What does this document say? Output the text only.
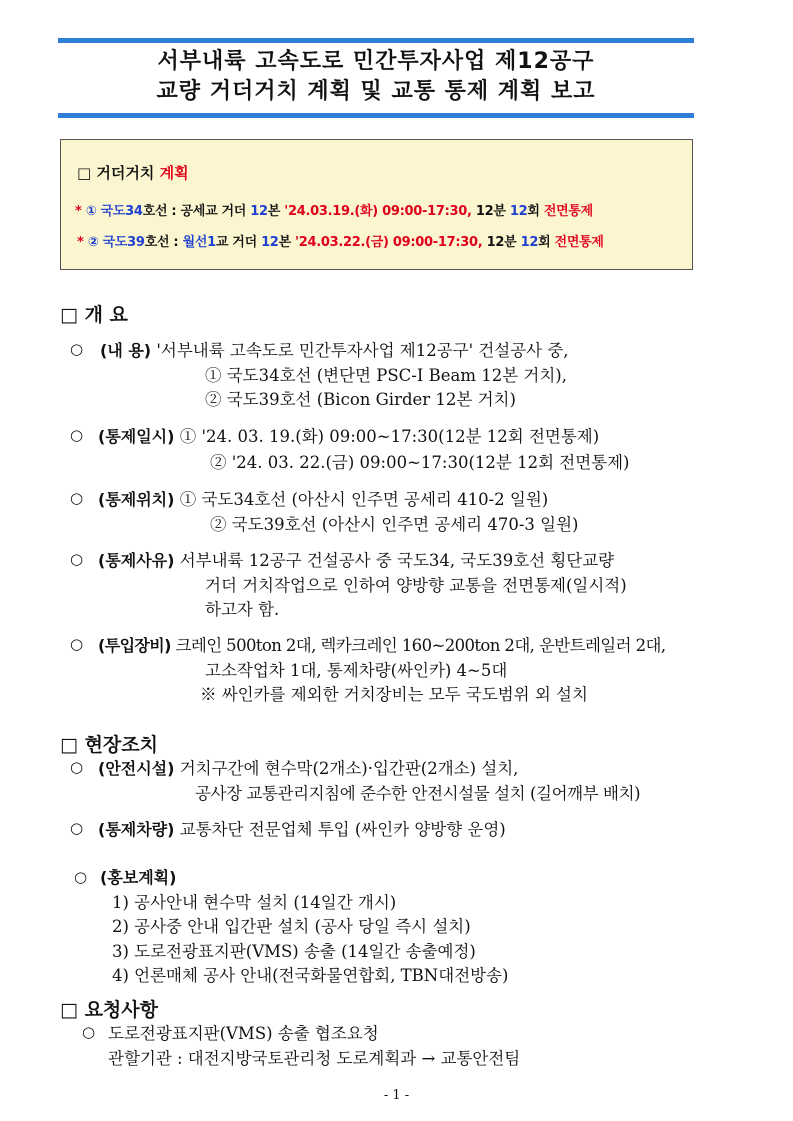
서부내륙 고속도로 민간투자사업 제12공구
교량 거더거치 계획 및 교통 통제 계획 보고
□ 거더거치 계획
* ① 국도34호선 : 공세교 거더 12본 '24.03.19.(화) 09:00-17:30, 12분 12회 전면통제
* ② 국도39호선 : 월선1교 거더 12본 '24.03.22.(금) 09:00-17:30, 12분 12회 전면통제
□ 개 요
○ (내 용) '서부내륙 고속도로 민간투자사업 제12공구' 건설공사 중,
① 국도34호선 (변단면 PSC-I Beam 12본 거치),
② 국도39호선 (Bicon Girder 12본 거치)
○ (통제일시) ① '24. 03. 19.(화) 09:00~17:30(12분 12회 전면통제)
② '24. 03. 22.(금) 09:00~17:30(12분 12회 전면통제)
○ (통제위치) ① 국도34호선 (아산시 인주면 공세리 410-2 일원)
② 국도39호선 (아산시 인주면 공세리 470-3 일원)
○ (통제사유) 서부내륙 12공구 건설공사 중 국도34, 국도39호선 횡단교량
거더 거치작업으로 인하여 양방향 교통을 전면통제(일시적)
하고자 함.
○ (투입장비) 크레인 500ton 2대, 렉카크레인 160~200ton 2대, 운반트레일러 2대,
고소작업차 1대, 통제차량(싸인카) 4~5대
※ 싸인카를 제외한 거치장비는 모두 국도범위 외 설치
□ 현장조치
○ (안전시설) 거치구간에 현수막(2개소)·입간판(2개소) 설치,
공사장 교통관리지침에 준수한 안전시설물 설치 (길어깨부 배치)
○ (통제차량) 교통차단 전문업체 투입 (싸인카 양방향 운영)
○ (홍보계획)
1) 공사안내 현수막 설치 (14일간 개시)
2) 공사중 안내 입간판 설치 (공사 당일 즉시 설치)
3) 도로전광표지판(VMS) 송출 (14일간 송출예정)
4) 언론매체 공사 안내(전국화물연합회, TBN대전방송)
□ 요청사항
○ 도로전광표지판(VMS) 송출 협조요청
관할기관 : 대전지방국토관리청 도로계획과 → 교통안전팀
- 1 -
